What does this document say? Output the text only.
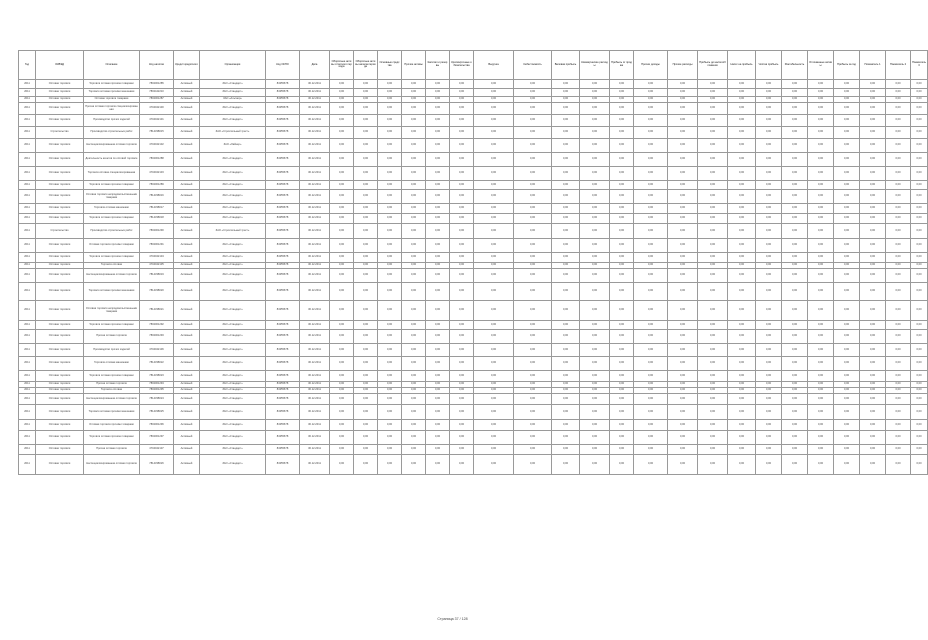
Год	ОКВЭД	Описание	Код налогов	Кредит кредитного	Организация	Код ОКПО	Дата	Оборотные активы отчетного периода	Оборотные активы начала периода	Основные средства	Прочие активы	Капитал и резервы	Краткосрочные обязательства	Выручка	Себестоимость	Валовая прибыль	Коммерческие расходы	Прибыль от продаж	Прочие доходы	Прочие расходы	Прибыль до налогообложения	Налог на прибыль	Чистая прибыль	Рентабельность	Отложенные активы	Прибыль за год	Показатель 1	Показатель 2	Показатель 3
2011	Оптовая торговля	Торговля оптовая прочими товарами	7802001285	Активный	ЗАО «Стандарт»	84355678	30.12.2011	0,00	0,00	0,00	0,00	0,00	0,00	0,00	0,00	0,00	0,00	0,00	0,00	0,00	0,00	0,00	0,00	0,00	0,00	0,00	0,00	0,00	0,00
2011	Оптовая торговля	Торговля оптовая прочими машинами	7802442210	Активный	ЗАО «Стандарт»	84355678	30.12.2011	0,00	0,00	0,00	0,00	0,00	0,00	0,00	0,00	0,00	0,00	0,00	0,00	0,00	0,00	0,00	0,00	0,00	0,00	0,00	0,00	0,00	0,00
2011	Оптовая торговля	Оптовая торговля товарами	7802001287	Активный	ЗАО «Альтаир»	84355678	30.12.2011	0,00	0,00	0,00	0,00	0,00	0,00	0,00	0,00	0,00	0,00	0,00	0,00	0,00	0,00	0,00	0,00	0,00	0,00	0,00	0,00	0,00	0,00
2011	Оптовая торговля	Прочая оптовая торговля специализированная	4704042130	Активный	ЗАО «Стандарт»	84355678	30.12.2011	0,00	0,00	0,00	0,00	0,00	0,00	0,00	0,00	0,00	0,00	0,00	0,00	0,00	0,00	0,00	0,00	0,00	0,00	0,00	0,00	0,00	0,00
2011	Оптовая торговля	Производство прочих изделий	4704042131	Активный	ЗАО «Стандарт»	84355678	30.12.2011	0,00	0,00	0,00	0,00	0,00	0,00	0,00	0,00	0,00	0,00	0,00	0,00	0,00	0,00	0,00	0,00	0,00	0,00	0,00	0,00	0,00	0,00
2011	Строительство	Производство строительных работ	7814338015	Активный	ЗАО «Строительный трест»	84355678	30.12.2011	0,00	0,00	0,00	0,00	0,00	0,00	0,00	0,00	0,00	0,00	0,00	0,00	0,00	0,00	0,00	0,00	0,00	0,00	0,00	0,00	0,00	0,00
2011	Оптовая торговля	Неспециализированная оптовая торговля	4704042132	Активный	ЗАО «Лайнер»	84355678	30.12.2011	0,00	0,00	0,00	0,00	0,00	0,00	0,00	0,00	0,00	0,00	0,00	0,00	0,00	0,00	0,00	0,00	0,00	0,00	0,00	0,00	0,00	0,00
2011	Оптовая торговля	Деятельность агентов по оптовой торговле	7802001288	Активный	ЗАО «Стандарт»	84355678	30.12.2011	0,00	0,00	0,00	0,00	0,00	0,00	0,00	0,00	0,00	0,00	0,00	0,00	0,00	0,00	0,00	0,00	0,00	0,00	0,00	0,00	0,00	0,00
2011	Оптовая торговля	Торговля оптовая специализированная	4704042133	Активный	ЗАО «Стандарт»	84355678	30.12.2011	0,00	0,00	0,00	0,00	0,00	0,00	0,00	0,00	0,00	0,00	0,00	0,00	0,00	0,00	0,00	0,00	0,00	0,00	0,00	0,00	0,00	0,00
2011	Оптовая торговля	Торговля оптовая прочими товарами	7802001289	Активный	ЗАО «Стандарт»	84355678	30.12.2011	0,00	0,00	0,00	0,00	0,00	0,00	0,00	0,00	0,00	0,00	0,00	0,00	0,00	0,00	0,00	0,00	0,00	0,00	0,00	0,00	0,00	0,00
2011	Оптовая торговля	Оптовая торговля непродовольственными товарами	7814338016	Активный	ЗАО «Стандарт»	84355678	30.12.2011	0,00	0,00	0,00	0,00	0,00	0,00	0,00	0,00	0,00	0,00	0,00	0,00	0,00	0,00	0,00	0,00	0,00	0,00	0,00	0,00	0,00	0,00
2011	Оптовая торговля	Торговля оптовая машинами	7814338017	Активный	ЗАО «Стандарт»	84355678	30.12.2011	0,00	0,00	0,00	0,00	0,00	0,00	0,00	0,00	0,00	0,00	0,00	0,00	0,00	0,00	0,00	0,00	0,00	0,00	0,00	0,00	0,00	0,00
2011	Оптовая торговля	Торговля оптовая прочими товарами	7814338018	Активный	ЗАО «Стандарт»	84355678	30.12.2011	0,00	0,00	0,00	0,00	0,00	0,00	0,00	0,00	0,00	0,00	0,00	0,00	0,00	0,00	0,00	0,00	0,00	0,00	0,00	0,00	0,00	0,00
2011	Строительство	Производство строительных работ	7802001290	Активный	ЗАО «Строительный трест»	84355678	30.12.2011	0,00	0,00	0,00	0,00	0,00	0,00	0,00	0,00	0,00	0,00	0,00	0,00	0,00	0,00	0,00	0,00	0,00	0,00	0,00	0,00	0,00	0,00
2011	Оптовая торговля	Оптовая торговля прочими товарами	7802001291	Активный	ЗАО «Стандарт»	84355678	30.12.2011	0,00	0,00	0,00	0,00	0,00	0,00	0,00	0,00	0,00	0,00	0,00	0,00	0,00	0,00	0,00	0,00	0,00	0,00	0,00	0,00	0,00	0,00
2011	Оптовая торговля	Торговля оптовая прочими товарами	4704042134	Активный	ЗАО «Стандарт»	84355678	30.12.2011	0,00	0,00	0,00	0,00	0,00	0,00	0,00	0,00	0,00	0,00	0,00	0,00	0,00	0,00	0,00	0,00	0,00	0,00	0,00	0,00	0,00	0,00
2011	Оптовая торговля	Торговля оптовая	4704042135	Активный	ЗАО «Стандарт»	84355678	30.12.2011	0,00	0,00	0,00	0,00	0,00	0,00	0,00	0,00	0,00	0,00	0,00	0,00	0,00	0,00	0,00	0,00	0,00	0,00	0,00	0,00	0,00	0,00
2011	Оптовая торговля	Неспециализированная оптовая торговля	7814338019	Активный	ЗАО «Стандарт»	84355678	30.12.2011	0,00	0,00	0,00	0,00	0,00	0,00	0,00	0,00	0,00	0,00	0,00	0,00	0,00	0,00	0,00	0,00	0,00	0,00	0,00	0,00	0,00	0,00
2011	Оптовая торговля	Торговля оптовая прочими машинами	7814338020	Активный	ЗАО «Стандарт»	84355678	30.12.2011	0,00	0,00	0,00	0,00	0,00	0,00	0,00	0,00	0,00	0,00	0,00	0,00	0,00	0,00	0,00	0,00	0,00	0,00	0,00	0,00	0,00	0,00
2011	Оптовая торговля	Оптовая торговля непродовольственными товарами	7814338021	Активный	ЗАО «Стандарт»	84355678	30.12.2011	0,00	0,00	0,00	0,00	0,00	0,00	0,00	0,00	0,00	0,00	0,00	0,00	0,00	0,00	0,00	0,00	0,00	0,00	0,00	0,00	0,00	0,00
2011	Оптовая торговля	Торговля оптовая прочими товарами	7802001292	Активный	ЗАО «Стандарт»	84355678	30.12.2011	0,00	0,00	0,00	0,00	0,00	0,00	0,00	0,00	0,00	0,00	0,00	0,00	0,00	0,00	0,00	0,00	0,00	0,00	0,00	0,00	0,00	0,00
2011	Оптовая торговля	Прочая оптовая торговля	7802001293	Активный	ЗАО «Стандарт»	84355678	30.12.2011	0,00	0,00	0,00	0,00	0,00	0,00	0,00	0,00	0,00	0,00	0,00	0,00	0,00	0,00	0,00	0,00	0,00	0,00	0,00	0,00	0,00	0,00
2011	Оптовая торговля	Производство прочих изделий	4704042136	Активный	ЗАО «Стандарт»	84355678	30.12.2011	0,00	0,00	0,00	0,00	0,00	0,00	0,00	0,00	0,00	0,00	0,00	0,00	0,00	0,00	0,00	0,00	0,00	0,00	0,00	0,00	0,00	0,00
2011	Оптовая торговля	Торговля оптовая машинами	7814338022	Активный	ЗАО «Стандарт»	84355678	30.12.2011	0,00	0,00	0,00	0,00	0,00	0,00	0,00	0,00	0,00	0,00	0,00	0,00	0,00	0,00	0,00	0,00	0,00	0,00	0,00	0,00	0,00	0,00
2011	Оптовая торговля	Торговля оптовая прочими товарами	7814338023	Активный	ЗАО «Стандарт»	84355678	30.12.2011	0,00	0,00	0,00	0,00	0,00	0,00	0,00	0,00	0,00	0,00	0,00	0,00	0,00	0,00	0,00	0,00	0,00	0,00	0,00	0,00	0,00	0,00
2011	Оптовая торговля	Прочая оптовая торговля	7802001294	Активный	ЗАО «Стандарт»	84355678	30.12.2011	0,00	0,00	0,00	0,00	0,00	0,00	0,00	0,00	0,00	0,00	0,00	0,00	0,00	0,00	0,00	0,00	0,00	0,00	0,00	0,00	0,00	0,00
2011	Оптовая торговля	Торговля оптовая	7802001295	Активный	ЗАО «Стандарт»	84355678	30.12.2011	0,00	0,00	0,00	0,00	0,00	0,00	0,00	0,00	0,00	0,00	0,00	0,00	0,00	0,00	0,00	0,00	0,00	0,00	0,00	0,00	0,00	0,00
2011	Оптовая торговля	Неспециализированная оптовая торговля	7814338024	Активный	ЗАО «Стандарт»	84355678	30.12.2011	0,00	0,00	0,00	0,00	0,00	0,00	0,00	0,00	0,00	0,00	0,00	0,00	0,00	0,00	0,00	0,00	0,00	0,00	0,00	0,00	0,00	0,00
2011	Оптовая торговля	Торговля оптовая прочими машинами	7814338025	Активный	ЗАО «Стандарт»	84355678	30.12.2011	0,00	0,00	0,00	0,00	0,00	0,00	0,00	0,00	0,00	0,00	0,00	0,00	0,00	0,00	0,00	0,00	0,00	0,00	0,00	0,00	0,00	0,00
2011	Оптовая торговля	Оптовая торговля прочими товарами	7802001296	Активный	ЗАО «Стандарт»	84355678	30.12.2011	0,00	0,00	0,00	0,00	0,00	0,00	0,00	0,00	0,00	0,00	0,00	0,00	0,00	0,00	0,00	0,00	0,00	0,00	0,00	0,00	0,00	0,00
2011	Оптовая торговля	Торговля оптовая прочими товарами	7802001297	Активный	ЗАО «Стандарт»	84355678	30.12.2011	0,00	0,00	0,00	0,00	0,00	0,00	0,00	0,00	0,00	0,00	0,00	0,00	0,00	0,00	0,00	0,00	0,00	0,00	0,00	0,00	0,00	0,00
2011	Оптовая торговля	Прочая оптовая торговля	4704042137	Активный	ЗАО «Стандарт»	84355678	30.12.2011	0,00	0,00	0,00	0,00	0,00	0,00	0,00	0,00	0,00	0,00	0,00	0,00	0,00	0,00	0,00	0,00	0,00	0,00	0,00	0,00	0,00	0,00
2011	Оптовая торговля	Неспециализированная оптовая торговля	7814338026	Активный	ЗАО «Стандарт»	84355678	30.12.2011	0,00	0,00	0,00	0,00	0,00	0,00	0,00	0,00	0,00	0,00	0,00	0,00	0,00	0,00	0,00	0,00	0,00	0,00	0,00	0,00	0,00	0,00
Страница 37 / 128
